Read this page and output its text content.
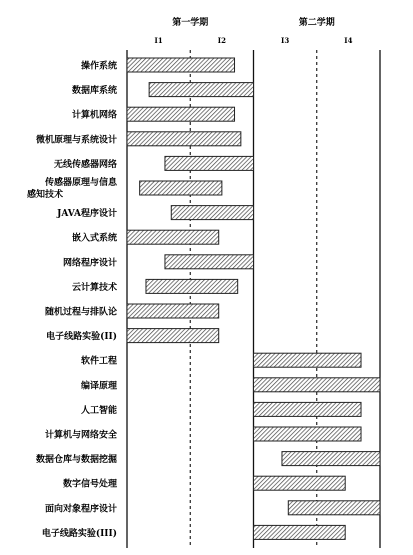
第一学期
I1	I2
第二学期
I3	I4
操作系统
数据库系统
计算机网络
微机原理与系统设计
无线传感器网络
传感器原理与信息
感知技术
JAVA程序设计
嵌入式系统
网络程序设计
云计算技术
随机过程与排队论
电子线路实验(II)
软件工程
编译原理
人工智能
计算机与网络安全
数据仓库与数据挖掘
数字信号处理
面向对象程序设计
电子线路实验(III)
